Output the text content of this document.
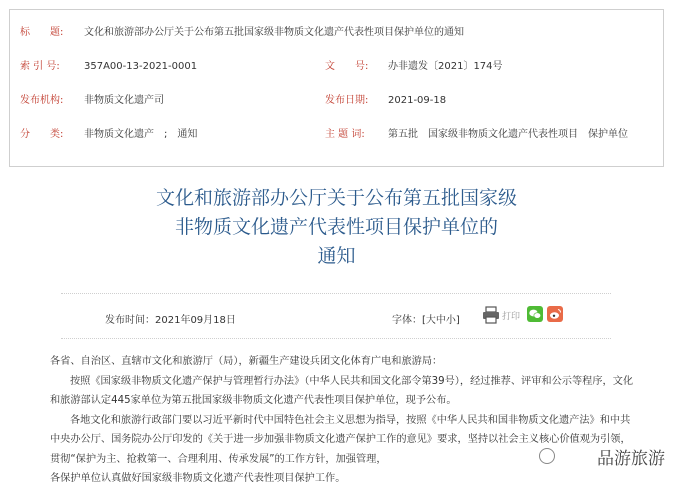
标　　题: 文化和旅游部办公厅关于公布第五批国家级非物质文化遗产代表性项目保护单位的通知
索 引 号: 357A00-13-2021-0001	文　　号: 办非遗发〔2021〕174号
发布机构: 非物质文化遗产司	发布日期: 2021-09-18
分　　类: 非物质文化遗产　;　通知	主 题 词: 第五批　国家级非物质文化遗产代表性项目　保护单位
文化和旅游部办公厅关于公布第五批国家级
非物质文化遗产代表性项目保护单位的
通知
发布时间：2021年09月18日	字体：[大中小]	打印

各省、自治区、直辖市文化和旅游厅（局），新疆生产建设兵团文化体育广电和旅游局：

按照《国家级非物质文化遗产保护与管理暂行办法》（中华人民共和国文化部令第39号），经过推荐、评审和公示等程序，文化和旅游部认定445家单位为第五批国家级非物质文化遗产代表性项目保护单位，现予公布。

各地文化和旅游行政部门要以习近平新时代中国特色社会主义思想为指导，按照《中华人民共和国非物质文化遗产法》和中共中央办公厅、国务院办公厅印发的《关于进一步加强非物质文化遗产保护工作的意见》要求，坚持以社会主义核心价值观为引领，贯彻“保护为主、抢救第一、合理利用、传承发展”的工作方针，加强管理，

各保护单位认真做好国家级非物质文化遗产代表性项目保护工作。

品游旅游
